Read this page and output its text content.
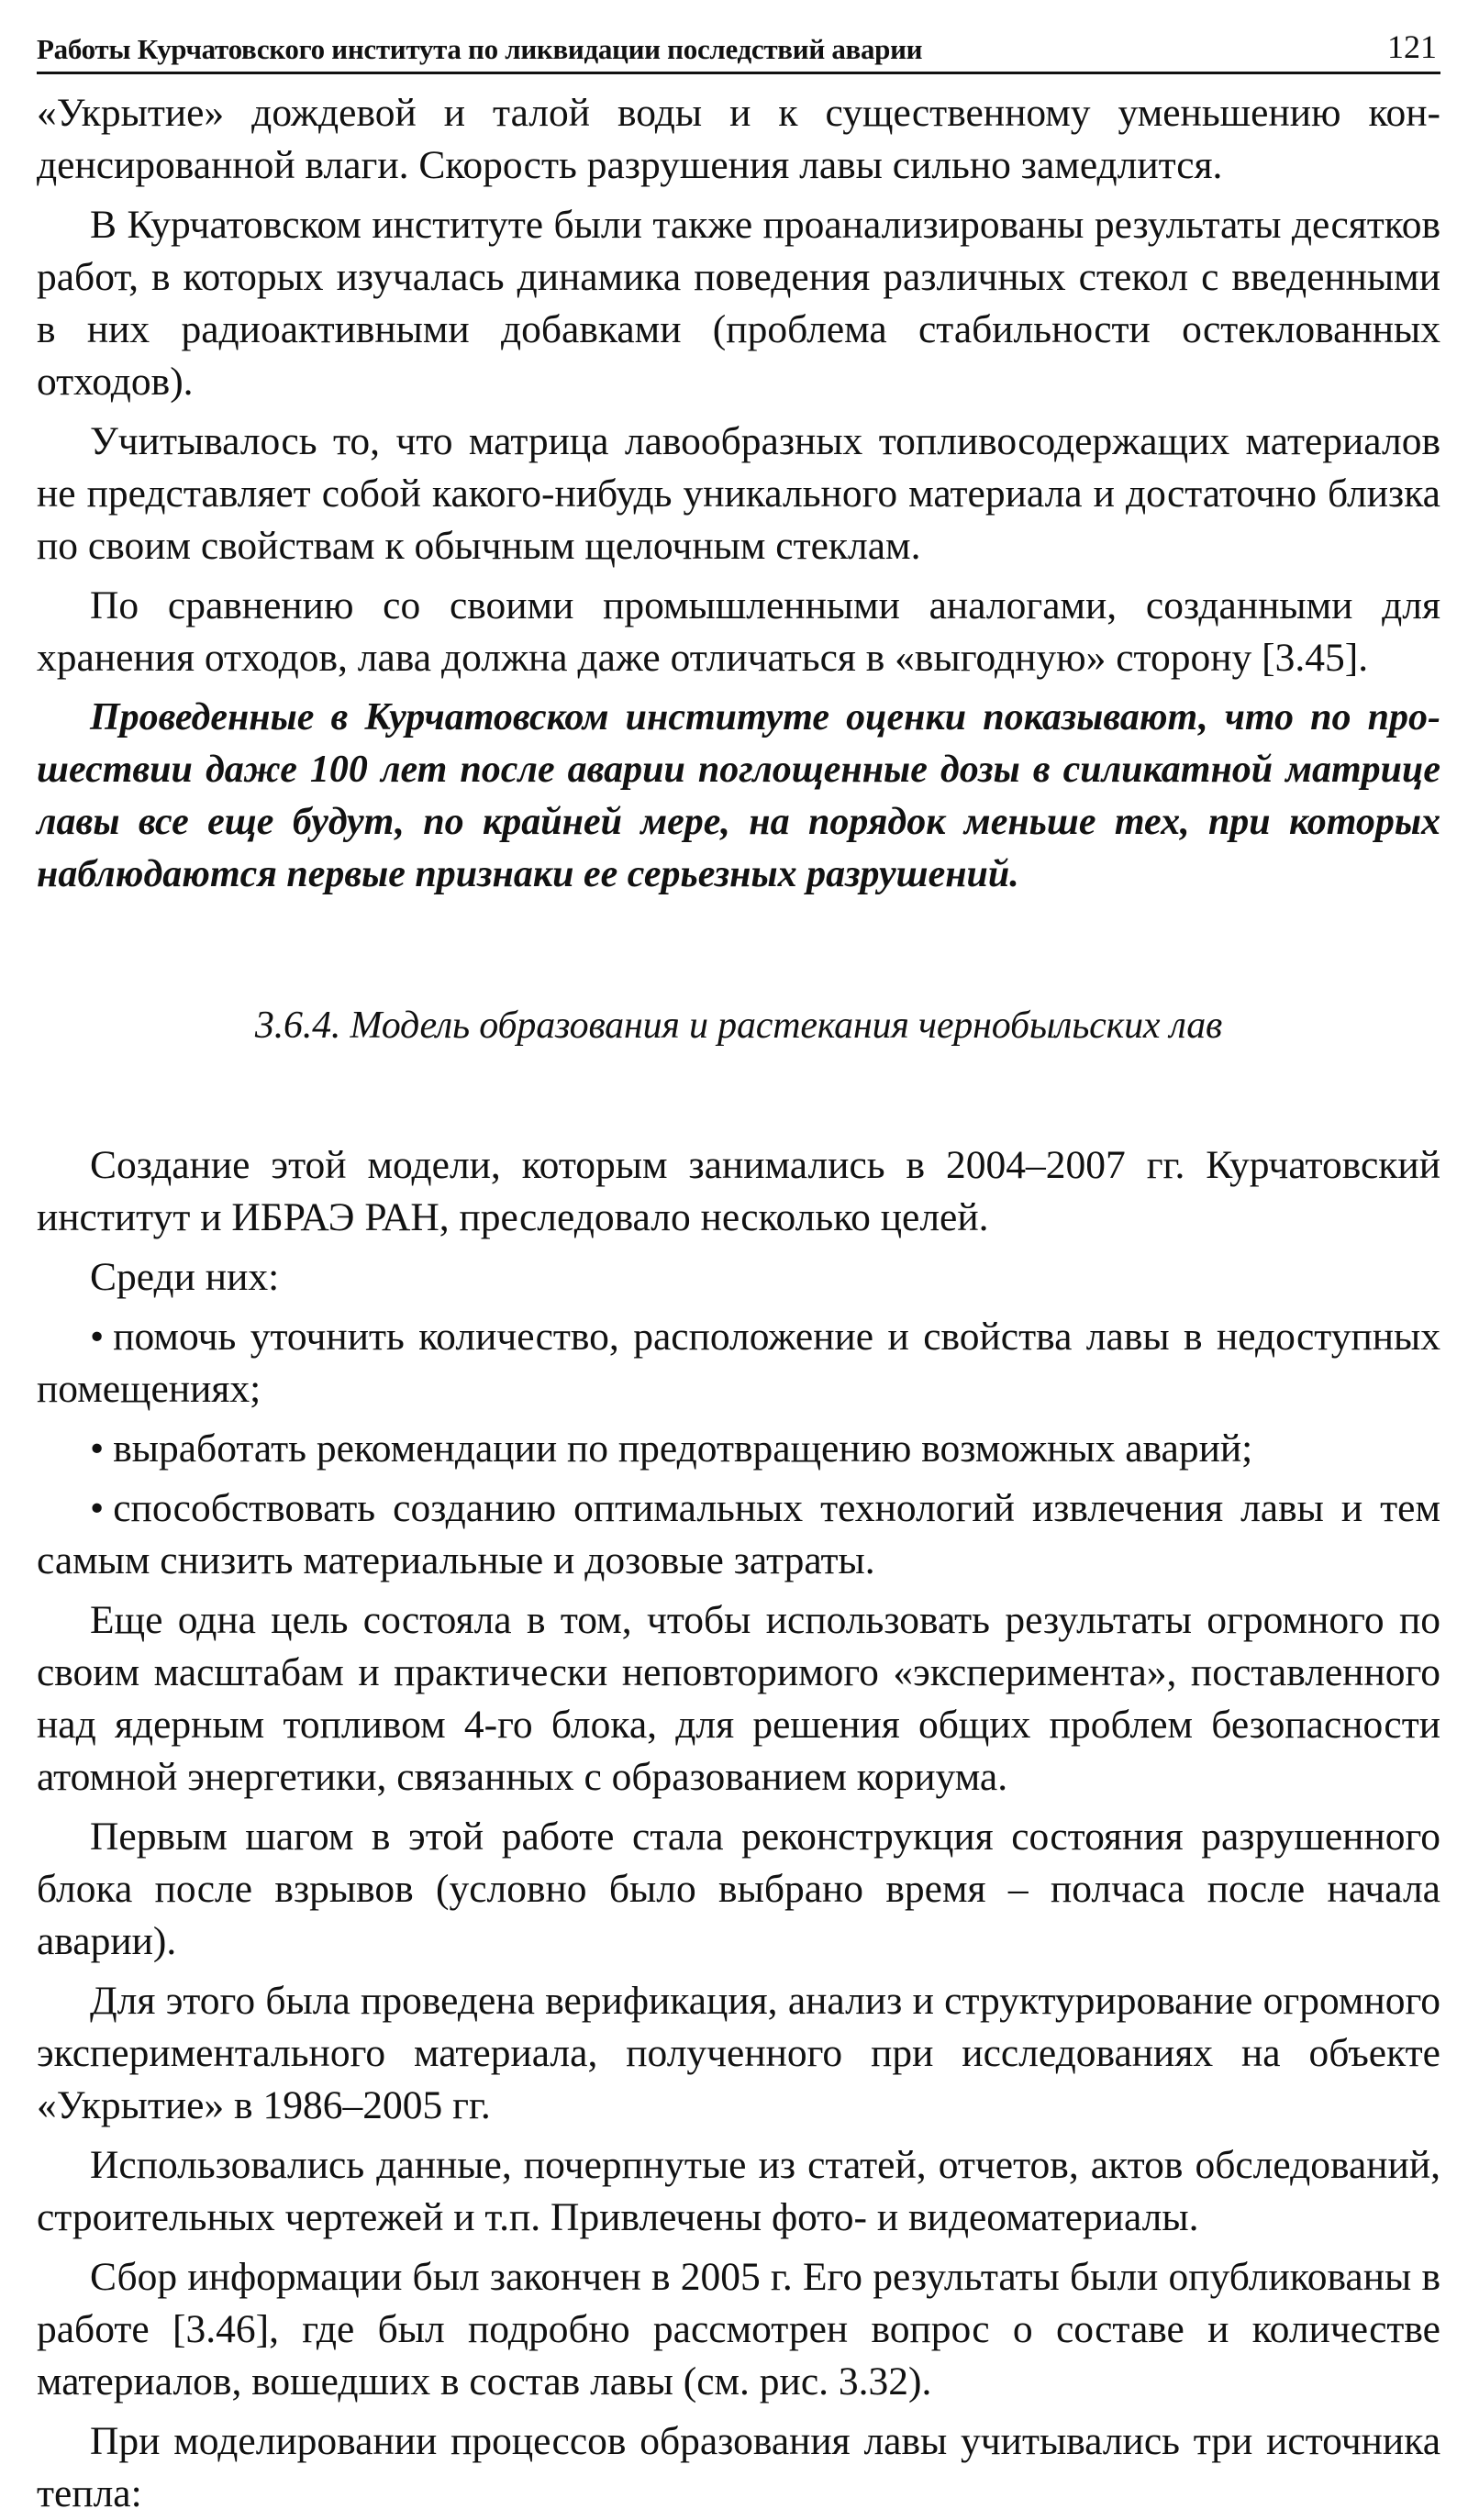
Работы Курчатовского института по ликвидации последствий аварии	121

«Укрытие» дождевой и талой воды и к существенному уменьшению конденсированной влаги. Скорость разрушения лавы сильно замедлится.

В Курчатовском институте были также проанализированы результаты десятков работ, в которых изучалась динамика поведения различных стекол с введенными в них радиоактивными добавками (проблема стабильности остеклованных отходов).

Учитывалось то, что матрица лавообразных топливосодержащих материалов не представляет собой какого-нибудь уникального материала и достаточно близка по своим свойствам к обычным щелочным стеклам.

По сравнению со своими промышленными аналогами, созданными для хранения отходов, лава должна даже отличаться в «выгодную» сторону [3.45].

Проведенные в Курчатовском институте оценки показывают, что по прошествии даже 100 лет после аварии поглощенные дозы в силикатной матрице лавы все еще будут, по крайней мере, на порядок меньше тех, при которых наблюдаются первые признаки ее серьезных разрушений.

3.6.4. Модель образования и растекания чернобыльских лав

Создание этой модели, которым занимались в 2004–2007 гг. Курчатовский институт и ИБРАЭ РАН, преследовало несколько целей.

Среди них:

• помочь уточнить количество, расположение и свойства лавы в недоступных помещениях;

• выработать рекомендации по предотвращению возможных аварий;

• способствовать созданию оптимальных технологий извлечения лавы и тем самым снизить материальные и дозовые затраты.

Еще одна цель состояла в том, чтобы использовать результаты огромного по своим масштабам и практически неповторимого «эксперимента», поставленного над ядерным топливом 4-го блока, для решения общих проблем безопасности атомной энергетики, связанных с образованием кориума.

Первым шагом в этой работе стала реконструкция состояния разрушенного блока после взрывов (условно было выбрано время – полчаса после начала аварии).

Для этого была проведена верификация, анализ и структурирование огромного экспериментального материала, полученного при исследованиях на объекте «Укрытие» в 1986–2005 гг.

Использовались данные, почерпнутые из статей, отчетов, актов обследований, строительных чертежей и т.п. Привлечены фото- и видеоматериалы.

Сбор информации был закончен в 2005 г. Его результаты были опубликованы в работе [3.46], где был подробно рассмотрен вопрос о составе и количестве материалов, вошедших в состав лавы (см. рис. 3.32).

При моделировании процессов образования лавы учитывались три источника тепла:
